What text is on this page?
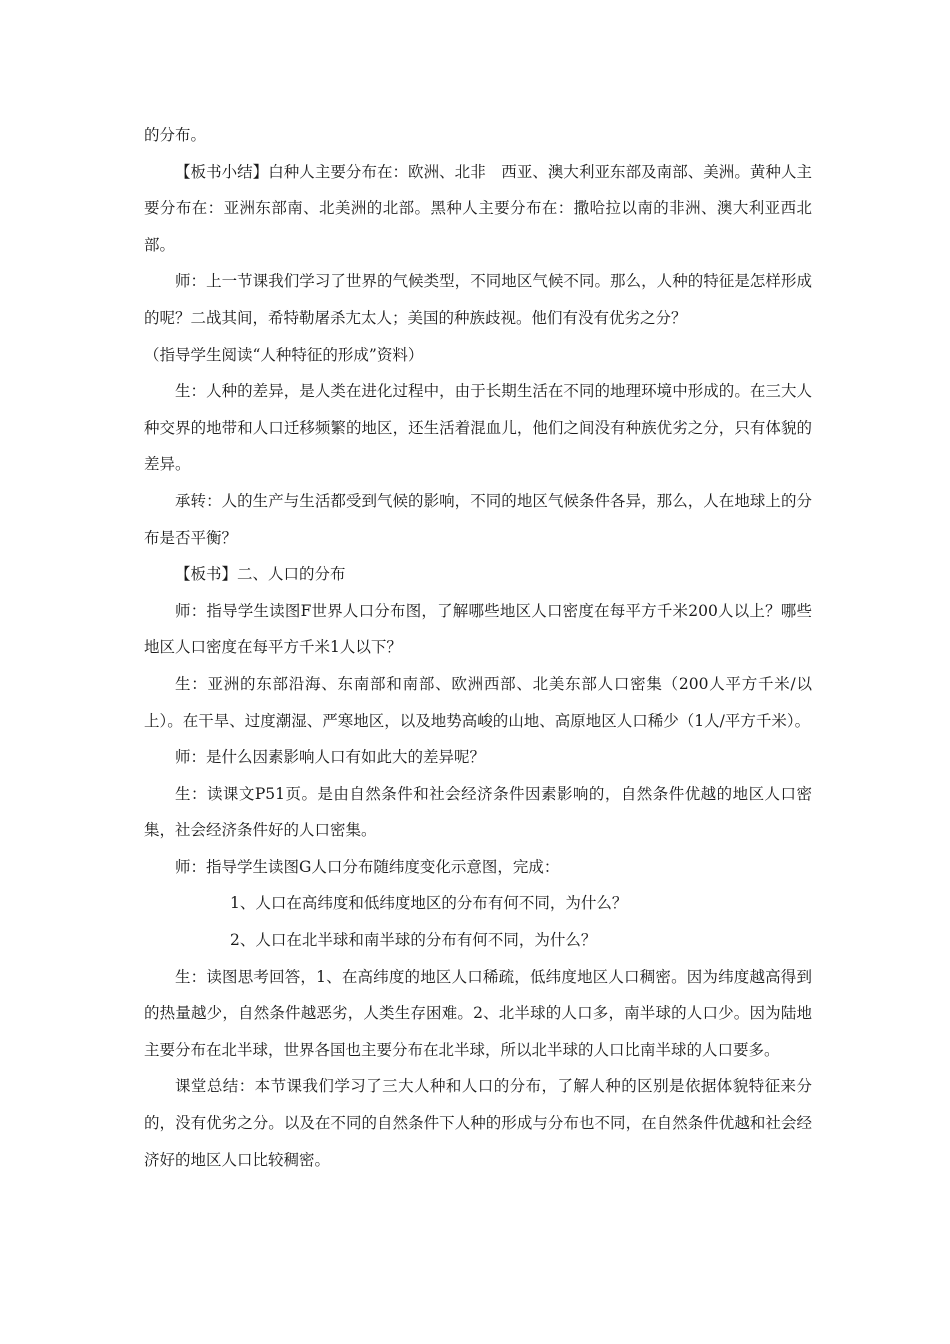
的分布。

【板书小结】白种人主要分布在：欧洲、北非　西亚、澳大利亚东部及南部、美洲。黄种人主要分布在：亚洲东部南、北美洲的北部。黑种人主要分布在：撒哈拉以南的非洲、澳大利亚西北部。

师：上一节课我们学习了世界的气候类型，不同地区气候不同。那么，人种的特征是怎样形成的呢？二战其间，希特勒屠杀尢太人；美国的种族歧视。他们有没有优劣之分？

（指导学生阅读“人种特征的形成”资料）

生：人种的差异，是人类在进化过程中，由于长期生活在不同的地理环境中形成的。在三大人种交界的地带和人口迁移频繁的地区，还生活着混血儿，他们之间没有种族优劣之分，只有体貌的差异。

承转：人的生产与生活都受到气候的影响，不同的地区气候条件各异，那么，人在地球上的分布是否平衡？

【板书】二、人口的分布

师：指导学生读图F世界人口分布图，了解哪些地区人口密度在每平方千米200人以上？哪些地区人口密度在每平方千米1人以下？

生：亚洲的东部沿海、东南部和南部、欧洲西部、北美东部人口密集（200人平方千米/以上）。在干旱、过度潮湿、严寒地区，以及地势高峻的山地、高原地区人口稀少（1人/平方千米）。

师：是什么因素影响人口有如此大的差异呢？

生：读课文P51页。是由自然条件和社会经济条件因素影响的，自然条件优越的地区人口密集，社会经济条件好的人口密集。

师：指导学生读图G人口分布随纬度变化示意图，完成：

1、人口在高纬度和低纬度地区的分布有何不同，为什么？

2、人口在北半球和南半球的分布有何不同，为什么？

生：读图思考回答，1、在高纬度的地区人口稀疏，低纬度地区人口稠密。因为纬度越高得到的热量越少，自然条件越恶劣，人类生存困难。2、北半球的人口多，南半球的人口少。因为陆地主要分布在北半球，世界各国也主要分布在北半球，所以北半球的人口比南半球的人口要多。

课堂总结：本节课我们学习了三大人种和人口的分布，了解人种的区别是依据体貌特征来分的，没有优劣之分。以及在不同的自然条件下人种的形成与分布也不同，在自然条件优越和社会经济好的地区人口比较稠密。
